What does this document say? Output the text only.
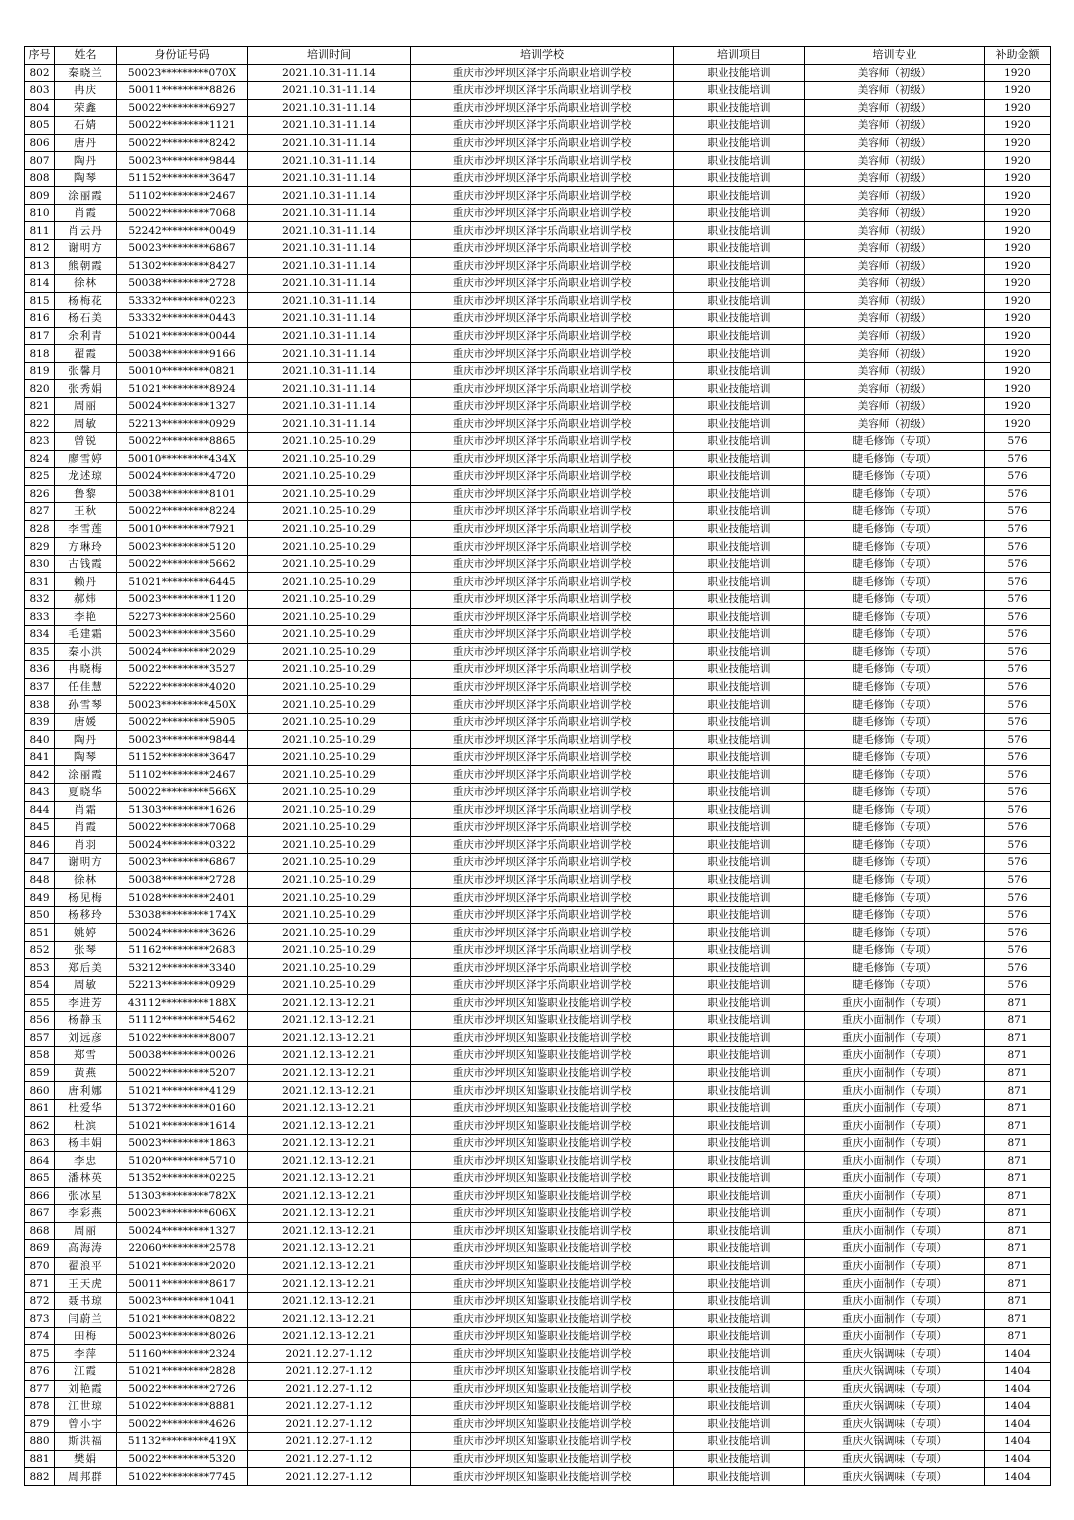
序号	姓名	身份证号码	培训时间	培训学校	培训项目	培训专业	补助金额
802	秦晓兰	50023*********070X	2021.10.31-11.14	重庆市沙坪坝区泽宇乐尚职业培训学校	职业技能培训	美容师（初级）	1920
803	冉庆	50011*********8826	2021.10.31-11.14	重庆市沙坪坝区泽宇乐尚职业培训学校	职业技能培训	美容师（初级）	1920
804	荣鑫	50022*********6927	2021.10.31-11.14	重庆市沙坪坝区泽宇乐尚职业培训学校	职业技能培训	美容师（初级）	1920
805	石婧	50022*********1121	2021.10.31-11.14	重庆市沙坪坝区泽宇乐尚职业培训学校	职业技能培训	美容师（初级）	1920
806	唐丹	50022*********8242	2021.10.31-11.14	重庆市沙坪坝区泽宇乐尚职业培训学校	职业技能培训	美容师（初级）	1920
807	陶丹	50023*********9844	2021.10.31-11.14	重庆市沙坪坝区泽宇乐尚职业培训学校	职业技能培训	美容师（初级）	1920
808	陶琴	51152*********3647	2021.10.31-11.14	重庆市沙坪坝区泽宇乐尚职业培训学校	职业技能培训	美容师（初级）	1920
809	涂丽霞	51102*********2467	2021.10.31-11.14	重庆市沙坪坝区泽宇乐尚职业培训学校	职业技能培训	美容师（初级）	1920
810	肖霞	50022*********7068	2021.10.31-11.14	重庆市沙坪坝区泽宇乐尚职业培训学校	职业技能培训	美容师（初级）	1920
811	肖云丹	52242*********0049	2021.10.31-11.14	重庆市沙坪坝区泽宇乐尚职业培训学校	职业技能培训	美容师（初级）	1920
812	谢明方	50023*********6867	2021.10.31-11.14	重庆市沙坪坝区泽宇乐尚职业培训学校	职业技能培训	美容师（初级）	1920
813	熊朝霞	51302*********8427	2021.10.31-11.14	重庆市沙坪坝区泽宇乐尚职业培训学校	职业技能培训	美容师（初级）	1920
814	徐林	50038*********2728	2021.10.31-11.14	重庆市沙坪坝区泽宇乐尚职业培训学校	职业技能培训	美容师（初级）	1920
815	杨梅花	53332*********0223	2021.10.31-11.14	重庆市沙坪坝区泽宇乐尚职业培训学校	职业技能培训	美容师（初级）	1920
816	杨石美	53332*********0443	2021.10.31-11.14	重庆市沙坪坝区泽宇乐尚职业培训学校	职业技能培训	美容师（初级）	1920
817	余利青	51021*********0044	2021.10.31-11.14	重庆市沙坪坝区泽宇乐尚职业培训学校	职业技能培训	美容师（初级）	1920
818	翟霞	50038*********9166	2021.10.31-11.14	重庆市沙坪坝区泽宇乐尚职业培训学校	职业技能培训	美容师（初级）	1920
819	张馨月	50010*********0821	2021.10.31-11.14	重庆市沙坪坝区泽宇乐尚职业培训学校	职业技能培训	美容师（初级）	1920
820	张秀娟	51021*********8924	2021.10.31-11.14	重庆市沙坪坝区泽宇乐尚职业培训学校	职业技能培训	美容师（初级）	1920
821	周丽	50024*********1327	2021.10.31-11.14	重庆市沙坪坝区泽宇乐尚职业培训学校	职业技能培训	美容师（初级）	1920
822	周敏	52213*********0929	2021.10.31-11.14	重庆市沙坪坝区泽宇乐尚职业培训学校	职业技能培训	美容师（初级）	1920
823	曾锐	50022*********8865	2021.10.25-10.29	重庆市沙坪坝区泽宇乐尚职业培训学校	职业技能培训	睫毛修饰（专项）	576
824	廖雪婷	50010*********434X	2021.10.25-10.29	重庆市沙坪坝区泽宇乐尚职业培训学校	职业技能培训	睫毛修饰（专项）	576
825	龙述琼	50024*********4720	2021.10.25-10.29	重庆市沙坪坝区泽宇乐尚职业培训学校	职业技能培训	睫毛修饰（专项）	576
826	鲁黎	50038*********8101	2021.10.25-10.29	重庆市沙坪坝区泽宇乐尚职业培训学校	职业技能培训	睫毛修饰（专项）	576
827	王秋	50022*********8224	2021.10.25-10.29	重庆市沙坪坝区泽宇乐尚职业培训学校	职业技能培训	睫毛修饰（专项）	576
828	李雪莲	50010*********7921	2021.10.25-10.29	重庆市沙坪坝区泽宇乐尚职业培训学校	职业技能培训	睫毛修饰（专项）	576
829	方琳玲	50023*********5120	2021.10.25-10.29	重庆市沙坪坝区泽宇乐尚职业培训学校	职业技能培训	睫毛修饰（专项）	576
830	古钱霞	50022*********5662	2021.10.25-10.29	重庆市沙坪坝区泽宇乐尚职业培训学校	职业技能培训	睫毛修饰（专项）	576
831	赖丹	51021*********6445	2021.10.25-10.29	重庆市沙坪坝区泽宇乐尚职业培训学校	职业技能培训	睫毛修饰（专项）	576
832	郝炜	50023*********1120	2021.10.25-10.29	重庆市沙坪坝区泽宇乐尚职业培训学校	职业技能培训	睫毛修饰（专项）	576
833	李艳	52273*********2560	2021.10.25-10.29	重庆市沙坪坝区泽宇乐尚职业培训学校	职业技能培训	睫毛修饰（专项）	576
834	毛建霜	50023*********3560	2021.10.25-10.29	重庆市沙坪坝区泽宇乐尚职业培训学校	职业技能培训	睫毛修饰（专项）	576
835	秦小洪	50024*********2029	2021.10.25-10.29	重庆市沙坪坝区泽宇乐尚职业培训学校	职业技能培训	睫毛修饰（专项）	576
836	冉晓梅	50022*********3527	2021.10.25-10.29	重庆市沙坪坝区泽宇乐尚职业培训学校	职业技能培训	睫毛修饰（专项）	576
837	任佳慧	52222*********4020	2021.10.25-10.29	重庆市沙坪坝区泽宇乐尚职业培训学校	职业技能培训	睫毛修饰（专项）	576
838	孙雪琴	50023*********450X	2021.10.25-10.29	重庆市沙坪坝区泽宇乐尚职业培训学校	职业技能培训	睫毛修饰（专项）	576
839	唐媛	50022*********5905	2021.10.25-10.29	重庆市沙坪坝区泽宇乐尚职业培训学校	职业技能培训	睫毛修饰（专项）	576
840	陶丹	50023*********9844	2021.10.25-10.29	重庆市沙坪坝区泽宇乐尚职业培训学校	职业技能培训	睫毛修饰（专项）	576
841	陶琴	51152*********3647	2021.10.25-10.29	重庆市沙坪坝区泽宇乐尚职业培训学校	职业技能培训	睫毛修饰（专项）	576
842	涂丽霞	51102*********2467	2021.10.25-10.29	重庆市沙坪坝区泽宇乐尚职业培训学校	职业技能培训	睫毛修饰（专项）	576
843	夏晓华	50022*********566X	2021.10.25-10.29	重庆市沙坪坝区泽宇乐尚职业培训学校	职业技能培训	睫毛修饰（专项）	576
844	肖霜	51303*********1626	2021.10.25-10.29	重庆市沙坪坝区泽宇乐尚职业培训学校	职业技能培训	睫毛修饰（专项）	576
845	肖霞	50022*********7068	2021.10.25-10.29	重庆市沙坪坝区泽宇乐尚职业培训学校	职业技能培训	睫毛修饰（专项）	576
846	肖羽	50024*********0322	2021.10.25-10.29	重庆市沙坪坝区泽宇乐尚职业培训学校	职业技能培训	睫毛修饰（专项）	576
847	谢明方	50023*********6867	2021.10.25-10.29	重庆市沙坪坝区泽宇乐尚职业培训学校	职业技能培训	睫毛修饰（专项）	576
848	徐林	50038*********2728	2021.10.25-10.29	重庆市沙坪坝区泽宇乐尚职业培训学校	职业技能培训	睫毛修饰（专项）	576
849	杨见梅	51028*********2401	2021.10.25-10.29	重庆市沙坪坝区泽宇乐尚职业培训学校	职业技能培训	睫毛修饰（专项）	576
850	杨移玲	53038*********174X	2021.10.25-10.29	重庆市沙坪坝区泽宇乐尚职业培训学校	职业技能培训	睫毛修饰（专项）	576
851	姚婷	50024*********3626	2021.10.25-10.29	重庆市沙坪坝区泽宇乐尚职业培训学校	职业技能培训	睫毛修饰（专项）	576
852	张琴	51162*********2683	2021.10.25-10.29	重庆市沙坪坝区泽宇乐尚职业培训学校	职业技能培训	睫毛修饰（专项）	576
853	郑后美	53212*********3340	2021.10.25-10.29	重庆市沙坪坝区泽宇乐尚职业培训学校	职业技能培训	睫毛修饰（专项）	576
854	周敏	52213*********0929	2021.10.25-10.29	重庆市沙坪坝区泽宇乐尚职业培训学校	职业技能培训	睫毛修饰（专项）	576
855	李进芳	43112*********188X	2021.12.13-12.21	重庆市沙坪坝区知鉴职业技能培训学校	职业技能培训	重庆小面制作（专项）	871
856	杨静玉	51112*********5462	2021.12.13-12.21	重庆市沙坪坝区知鉴职业技能培训学校	职业技能培训	重庆小面制作（专项）	871
857	刘远彦	51022*********8007	2021.12.13-12.21	重庆市沙坪坝区知鉴职业技能培训学校	职业技能培训	重庆小面制作（专项）	871
858	郑雪	50038*********0026	2021.12.13-12.21	重庆市沙坪坝区知鉴职业技能培训学校	职业技能培训	重庆小面制作（专项）	871
859	黄燕	50022*********5207	2021.12.13-12.21	重庆市沙坪坝区知鉴职业技能培训学校	职业技能培训	重庆小面制作（专项）	871
860	唐利娜	51021*********4129	2021.12.13-12.21	重庆市沙坪坝区知鉴职业技能培训学校	职业技能培训	重庆小面制作（专项）	871
861	杜爱华	51372*********0160	2021.12.13-12.21	重庆市沙坪坝区知鉴职业技能培训学校	职业技能培训	重庆小面制作（专项）	871
862	杜滨	51021*********1614	2021.12.13-12.21	重庆市沙坪坝区知鉴职业技能培训学校	职业技能培训	重庆小面制作（专项）	871
863	杨丰娟	50023*********1863	2021.12.13-12.21	重庆市沙坪坝区知鉴职业技能培训学校	职业技能培训	重庆小面制作（专项）	871
864	李忠	51020*********5710	2021.12.13-12.21	重庆市沙坪坝区知鉴职业技能培训学校	职业技能培训	重庆小面制作（专项）	871
865	潘林英	51352*********0225	2021.12.13-12.21	重庆市沙坪坝区知鉴职业技能培训学校	职业技能培训	重庆小面制作（专项）	871
866	张冰星	51303*********782X	2021.12.13-12.21	重庆市沙坪坝区知鉴职业技能培训学校	职业技能培训	重庆小面制作（专项）	871
867	李彩燕	50023*********606X	2021.12.13-12.21	重庆市沙坪坝区知鉴职业技能培训学校	职业技能培训	重庆小面制作（专项）	871
868	周丽	50024*********1327	2021.12.13-12.21	重庆市沙坪坝区知鉴职业技能培训学校	职业技能培训	重庆小面制作（专项）	871
869	高海涛	22060*********2578	2021.12.13-12.21	重庆市沙坪坝区知鉴职业技能培训学校	职业技能培训	重庆小面制作（专项）	871
870	翟浪平	51021*********2020	2021.12.13-12.21	重庆市沙坪坝区知鉴职业技能培训学校	职业技能培训	重庆小面制作（专项）	871
871	王天虎	50011*********8617	2021.12.13-12.21	重庆市沙坪坝区知鉴职业技能培训学校	职业技能培训	重庆小面制作（专项）	871
872	聂书琼	50023*********1041	2021.12.13-12.21	重庆市沙坪坝区知鉴职业技能培训学校	职业技能培训	重庆小面制作（专项）	871
873	闫蔚兰	51021*********0822	2021.12.13-12.21	重庆市沙坪坝区知鉴职业技能培训学校	职业技能培训	重庆小面制作（专项）	871
874	田梅	50023*********8026	2021.12.13-12.21	重庆市沙坪坝区知鉴职业技能培训学校	职业技能培训	重庆小面制作（专项）	871
875	李萍	51160*********2324	2021.12.27-1.12	重庆市沙坪坝区知鉴职业技能培训学校	职业技能培训	重庆火锅调味（专项）	1404
876	江霞	51021*********2828	2021.12.27-1.12	重庆市沙坪坝区知鉴职业技能培训学校	职业技能培训	重庆火锅调味（专项）	1404
877	刘艳霞	50022*********2726	2021.12.27-1.12	重庆市沙坪坝区知鉴职业技能培训学校	职业技能培训	重庆火锅调味（专项）	1404
878	江世琼	51022*********8881	2021.12.27-1.12	重庆市沙坪坝区知鉴职业技能培训学校	职业技能培训	重庆火锅调味（专项）	1404
879	曾小宇	50022*********4626	2021.12.27-1.12	重庆市沙坪坝区知鉴职业技能培训学校	职业技能培训	重庆火锅调味（专项）	1404
880	斯洪福	51132*********419X	2021.12.27-1.12	重庆市沙坪坝区知鉴职业技能培训学校	职业技能培训	重庆火锅调味（专项）	1404
881	樊娟	50022*********5320	2021.12.27-1.12	重庆市沙坪坝区知鉴职业技能培训学校	职业技能培训	重庆火锅调味（专项）	1404
882	周邦群	51022*********7745	2021.12.27-1.12	重庆市沙坪坝区知鉴职业技能培训学校	职业技能培训	重庆火锅调味（专项）	1404
